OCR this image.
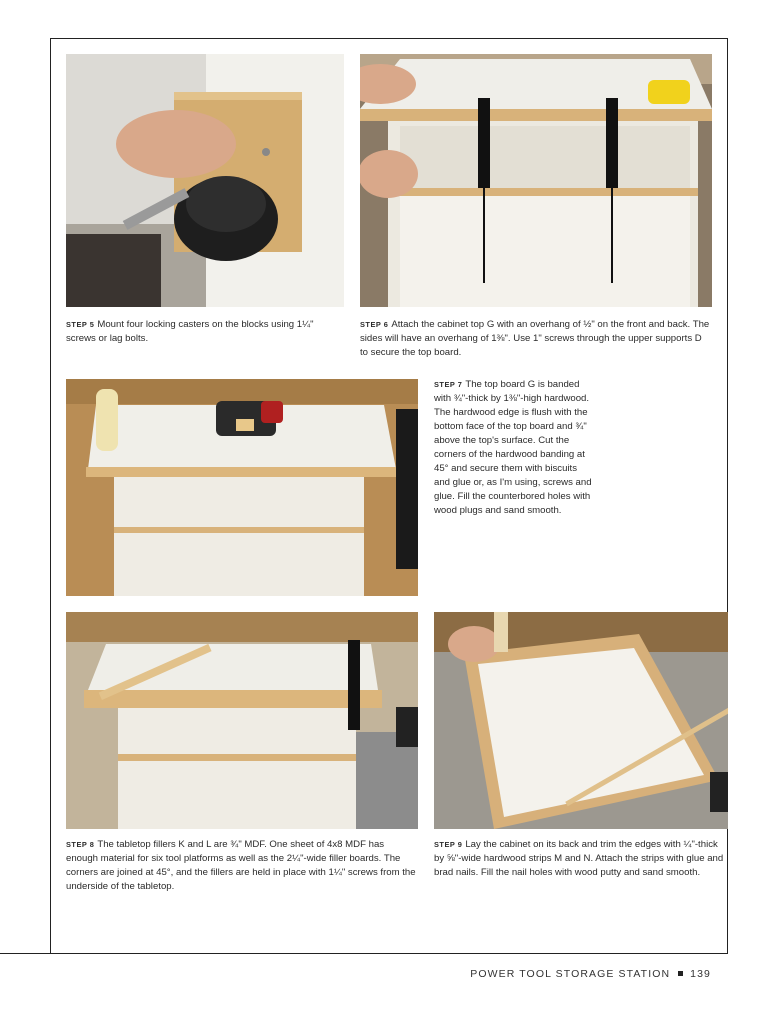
STEP 5 Mount four locking casters on the blocks using 1¼" screws or lag bolts.

STEP 6 Attach the cabinet top G with an overhang of ½" on the front and back. The sides will have an overhang of 1⅜". Use 1" screws through the upper supports D to secure the top board.

STEP 7 The top board G is banded with ¾"-thick by 1⅜"-high hardwood. The hardwood edge is flush with the bottom face of the top board and ¾" above the top's surface. Cut the corners of the hardwood banding at 45° and secure them with biscuits and glue or, as I'm using, screws and glue. Fill the counterbored holes with wood plugs and sand smooth.

STEP 8 The tabletop fillers K and L are ¾" MDF. One sheet of 4x8 MDF has enough material for six tool platforms as well as the 2¼"-wide filler boards. The corners are joined at 45°, and the fillers are held in place with 1¼" screws from the underside of the tabletop.

STEP 9 Lay the cabinet on its back and trim the edges with ¼"-thick by ⅝"-wide hardwood strips M and N. Attach the strips with glue and brad nails. Fill the nail holes with wood putty and sand smooth.

POWER TOOL STORAGE STATION 139
